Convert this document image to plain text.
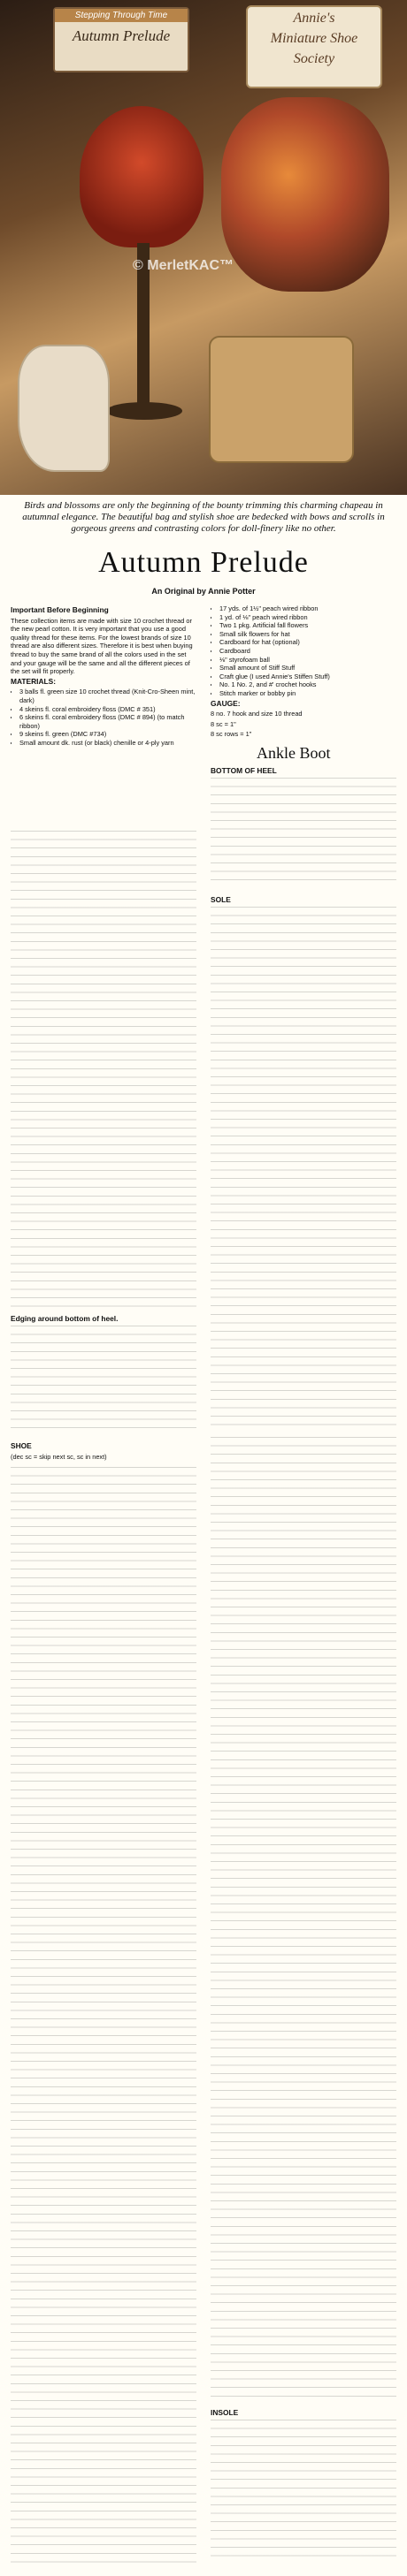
Stepping Through Time
Autumn Prelude
Annie's
Miniature Shoe
Society
© MerletKAС™
Birds and blossoms are only the beginning of the bounty trimming this charming chapeau in autumnal elegance. The beautiful bag and stylish shoe are bedecked with bows and scrolls in gorgeous greens and contrasting colors for doll-finery like no other.
Autumn Prelude
An Original by Annie Potter
Important Before Beginning

These collection items are made with size 10 crochet thread or the new pearl cotton. It is very important that you use a good quality thread for these items. For the lowest brands of size 10 thread are also different sizes. Therefore it is best when buying thread to buy the same brand of all the colors used in the set and your gauge will be the same and all the different pieces of the set will fit properly.

MATERIALS:
• 3 balls fl. green size 10 crochet thread (Knit-Cro-Sheen mint, dark)
• 4 skeins fl. coral embroidery floss (DMC # 351)
• 6 skeins fl. coral embroidery floss (DMC # 894) (to match ribbon)
• 9 skeins fl. green (DMC #734)
• Small amount dk. rust (or black) chenille or 4-ply yarn
• 17 yds. of 1½" peach wired ribbon
• 1 yd. of ⅛" peach wired ribbon
• Two 1 pkg. Artificial fall flowers
• Small silk flowers for hat
• Cardboard for hat (optional)
• Cardboard
• ⅛" styrofoam ball
• Small amount of Stiff Stuff
• Craft glue (I used Annie's Stiffen Stuff)
• No. 1 No. 2, and #' crochet hooks
• Stitch marker or bobby pin
GAUGE:

8 no. 7 hook and size 10 thread

8 sc = 1"

8 sc rows = 1"

Ankle Boot
BOTTOM OF HEEL
SOLE
Edging around bottom of heel.
SHOE

(dec sc = skip next sc, sc in next)

INSOLE
